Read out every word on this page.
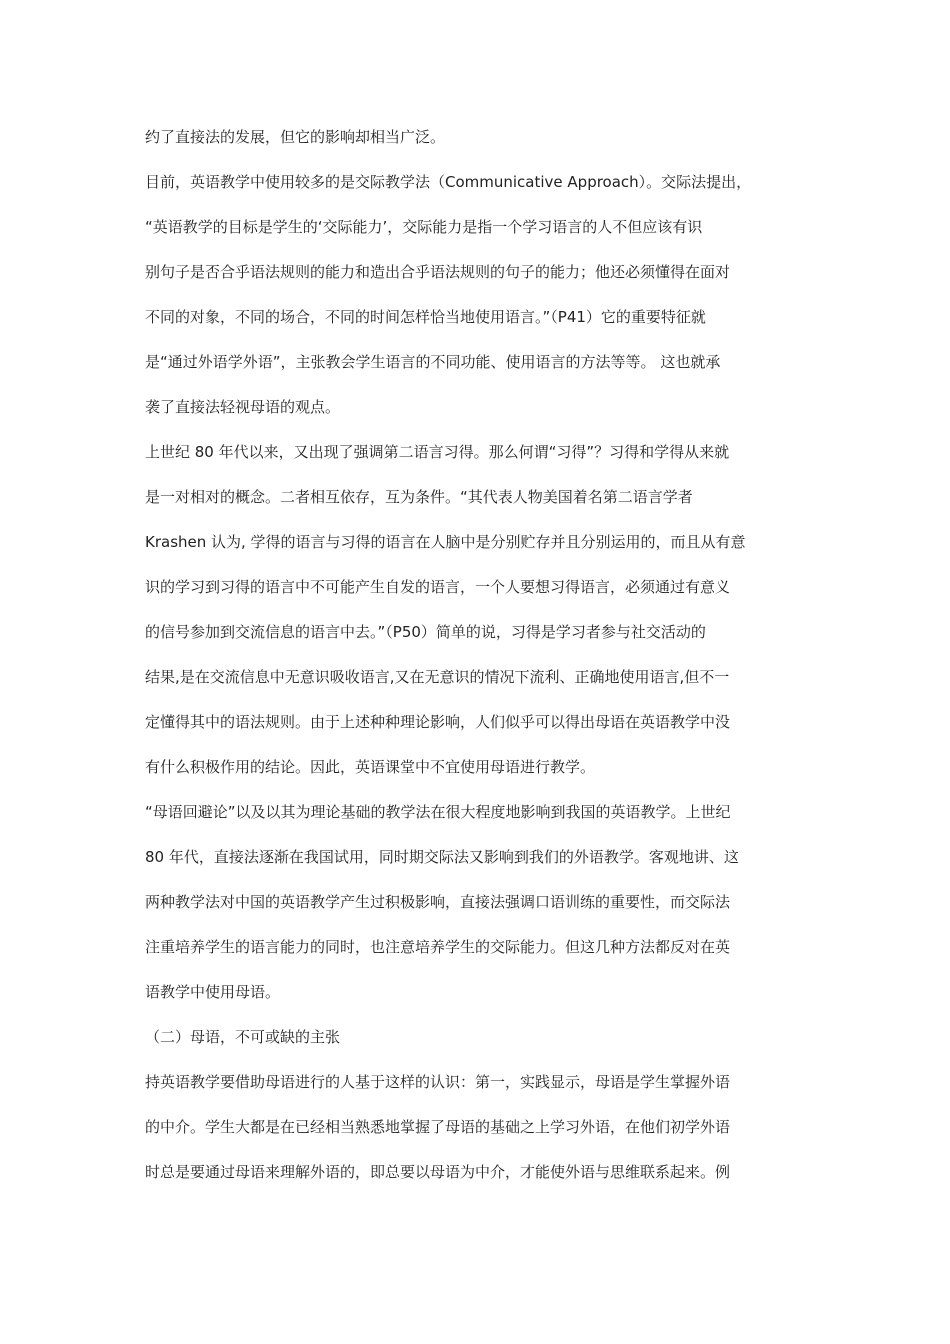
约了直接法的发展，但它的影响却相当广泛。
目前，英语教学中使用较多的是交际教学法（Communicative Approach）。交际法提出，
“英语教学的目标是学生的‘交际能力’，交际能力是指一个学习语言的人不但应该有识
别句子是否合乎语法规则的能力和造出合乎语法规则的句子的能力；他还必须懂得在面对
不同的对象，不同的场合，不同的时间怎样恰当地使用语言。”（P41）它的重要特征就
是“通过外语学外语”，主张教会学生语言的不同功能、使用语言的方法等等。 这也就承
袭了直接法轻视母语的观点。
上世纪 80 年代以来，又出现了强调第二语言习得。那么何谓“习得”？习得和学得从来就
是一对相对的概念。二者相互依存，互为条件。“其代表人物美国着名第二语言学者
Krashen 认为, 学得的语言与习得的语言在人脑中是分别贮存并且分别运用的，而且从有意
识的学习到习得的语言中不可能产生自发的语言，一个人要想习得语言，必须通过有意义
的信号参加到交流信息的语言中去。”（P50）简单的说，习得是学习者参与社交活动的
结果,是在交流信息中无意识吸收语言,又在无意识的情况下流利、正确地使用语言,但不一
定懂得其中的语法规则。由于上述种种理论影响，人们似乎可以得出母语在英语教学中没
有什么积极作用的结论。因此，英语课堂中不宜使用母语进行教学。
“母语回避论”以及以其为理论基础的教学法在很大程度地影响到我国的英语教学。上世纪
80 年代，直接法逐渐在我国试用，同时期交际法又影响到我们的外语教学。客观地讲、这
两种教学法对中国的英语教学产生过积极影响，直接法强调口语训练的重要性，而交际法
注重培养学生的语言能力的同时，也注意培养学生的交际能力。但这几种方法都反对在英
语教学中使用母语。
（二）母语，不可或缺的主张
持英语教学要借助母语进行的人基于这样的认识：第一，实践显示，母语是学生掌握外语
的中介。学生大都是在已经相当熟悉地掌握了母语的基础之上学习外语，在他们初学外语
时总是要通过母语来理解外语的，即总要以母语为中介，才能使外语与思维联系起来。例
